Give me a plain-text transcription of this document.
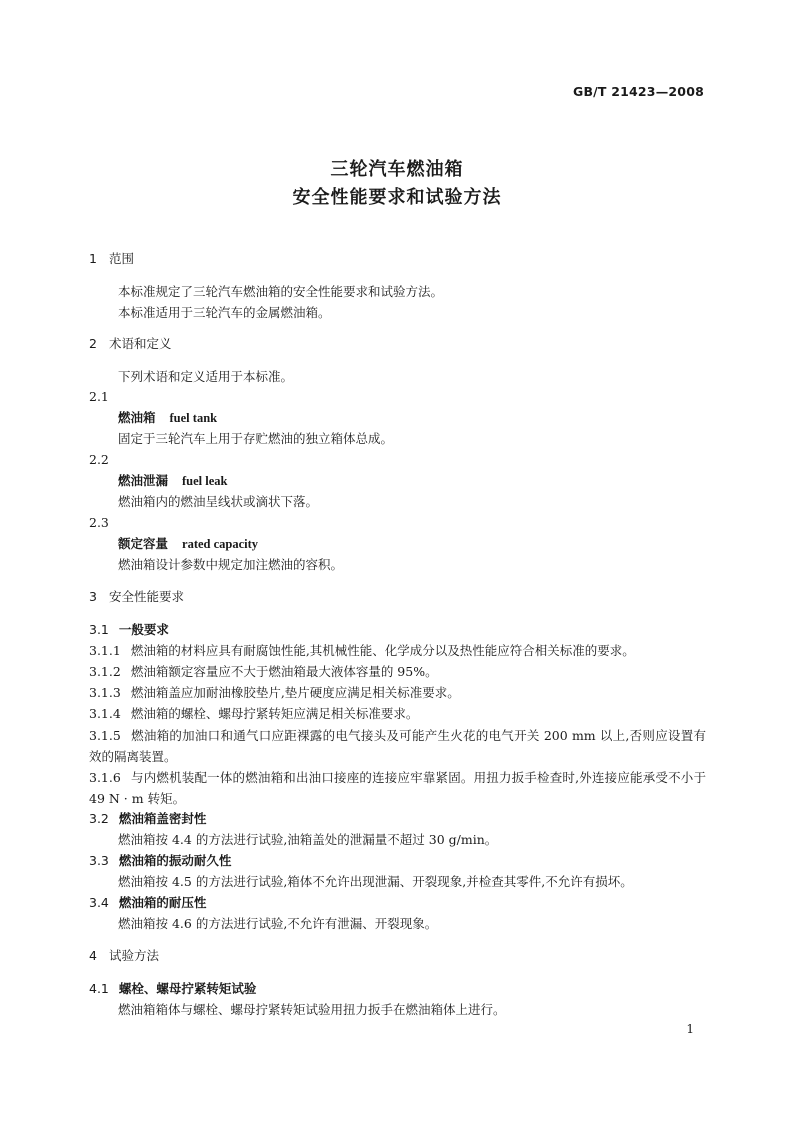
GB/T 21423—2008
三轮汽车燃油箱
安全性能要求和试验方法
1 范围
本标准规定了三轮汽车燃油箱的安全性能要求和试验方法。
本标准适用于三轮汽车的金属燃油箱。
2 术语和定义
下列术语和定义适用于本标准。
2.1
燃油箱 fuel tank
固定于三轮汽车上用于存贮燃油的独立箱体总成。
2.2
燃油泄漏 fuel leak
燃油箱内的燃油呈线状或滴状下落。
2.3
额定容量 rated capacity
燃油箱设计参数中规定加注燃油的容积。
3 安全性能要求
3.1 一般要求
3.1.1 燃油箱的材料应具有耐腐蚀性能,其机械性能、化学成分以及热性能应符合相关标准的要求。
3.1.2 燃油箱额定容量应不大于燃油箱最大液体容量的 95%。
3.1.3 燃油箱盖应加耐油橡胶垫片,垫片硬度应满足相关标准要求。
3.1.4 燃油箱的螺栓、螺母拧紧转矩应满足相关标准要求。
3.1.5 燃油箱的加油口和通气口应距裸露的电气接头及可能产生火花的电气开关 200 mm 以上,否则应设置有效的隔离装置。
3.1.6 与内燃机装配一体的燃油箱和出油口接座的连接应牢靠紧固。用扭力扳手检查时,外连接应能承受不小于 49 N · m 转矩。
3.2 燃油箱盖密封性
燃油箱按 4.4 的方法进行试验,油箱盖处的泄漏量不超过 30 g/min。
3.3 燃油箱的振动耐久性
燃油箱按 4.5 的方法进行试验,箱体不允许出现泄漏、开裂现象,并检查其零件,不允许有损坏。
3.4 燃油箱的耐压性
燃油箱按 4.6 的方法进行试验,不允许有泄漏、开裂现象。
4 试验方法
4.1 螺栓、螺母拧紧转矩试验
燃油箱箱体与螺栓、螺母拧紧转矩试验用扭力扳手在燃油箱体上进行。
1
